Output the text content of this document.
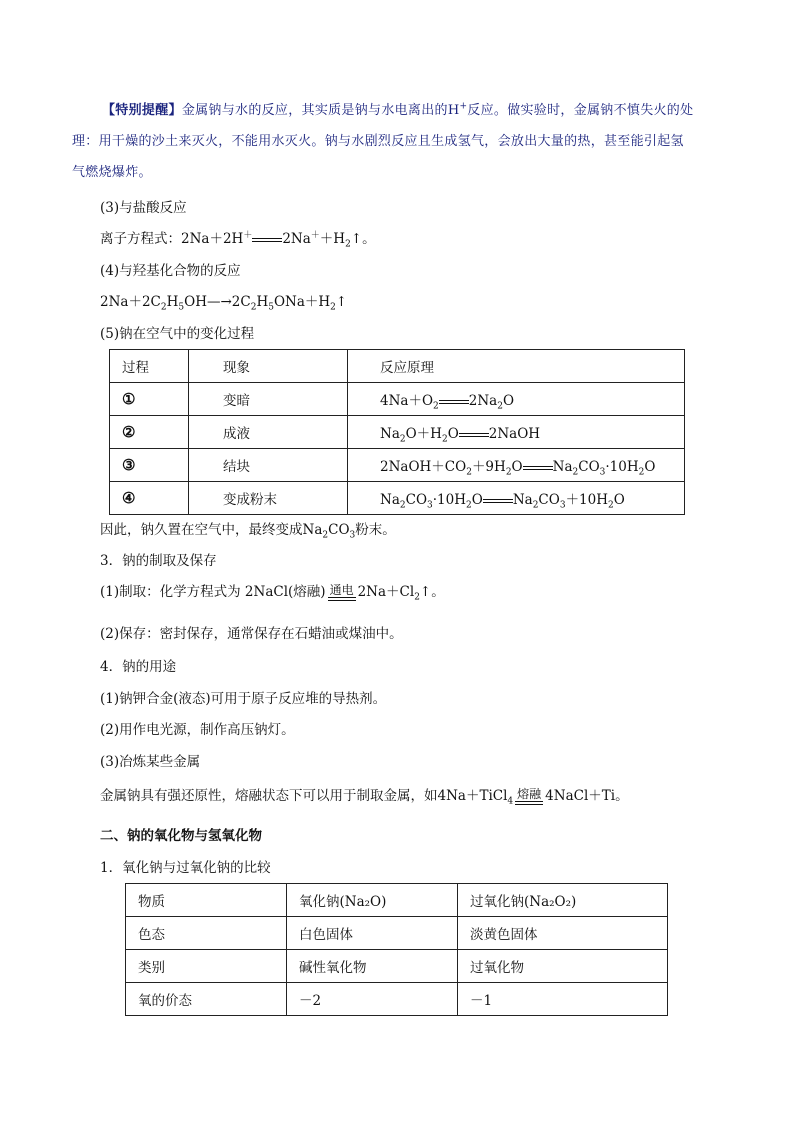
【特别提醒】金属钠与水的反应，其实质是钠与水电离出的H+反应。做实验时，金属钠不慎失火的处
理：用干燥的沙土来灭火，不能用水灭火。钠与水剧烈反应且生成氢气，会放出大量的热，甚至能引起氢
气燃烧爆炸。
(3)与盐酸反应
离子方程式：2Na＋2H＋ $2Na^++H_2↑$。
(4)与羟基化合物的反应
$2Na+2C_2H_5OH—\to 2C_2H_5ONa+H_2↑$
(5)钠在空气中的变化过程
过程	现象	反应原理
①	变暗	$4Na+O_2$ $2Na_2O$
②	成液	$Na_2O+H_2O$ 2NaOH
③	结块	$2NaOH+CO_2+9H_2O$ $Na_2CO_3\cdot 10H_2O$
④	变成粉末	$Na_2CO_3\cdot 10H_2O$ $Na_2CO_3+10H_2O$
因此，钠久置在空气中，最终变成$Na_2CO_3$粉末。
3．钠的制取及保存
(1)制取：化学方程式为 2NaCl(熔融) 通电 $2Na+Cl_2↑$。
(2)保存：密封保存，通常保存在石蜡油或煤油中。
4．钠的用途
(1)钠钾合金(液态)可用于原子反应堆的导热剂。
(2)用作电光源，制作高压钠灯。
(3)冶炼某些金属
金属钠具有强还原性，熔融状态下可以用于制取金属，如4Na＋TiCl$_4$
熔融 4NaCl＋Ti。
二、钠的氧化物与氢氧化物
1．氧化钠与过氧化钠的比较
物质	氧化钠(Na₂O)	过氧化钠(Na₂O₂)
色态	白色固体	淡黄色固体
类别	碱性氧化物	过氧化物
氧的价态	－2	－1
